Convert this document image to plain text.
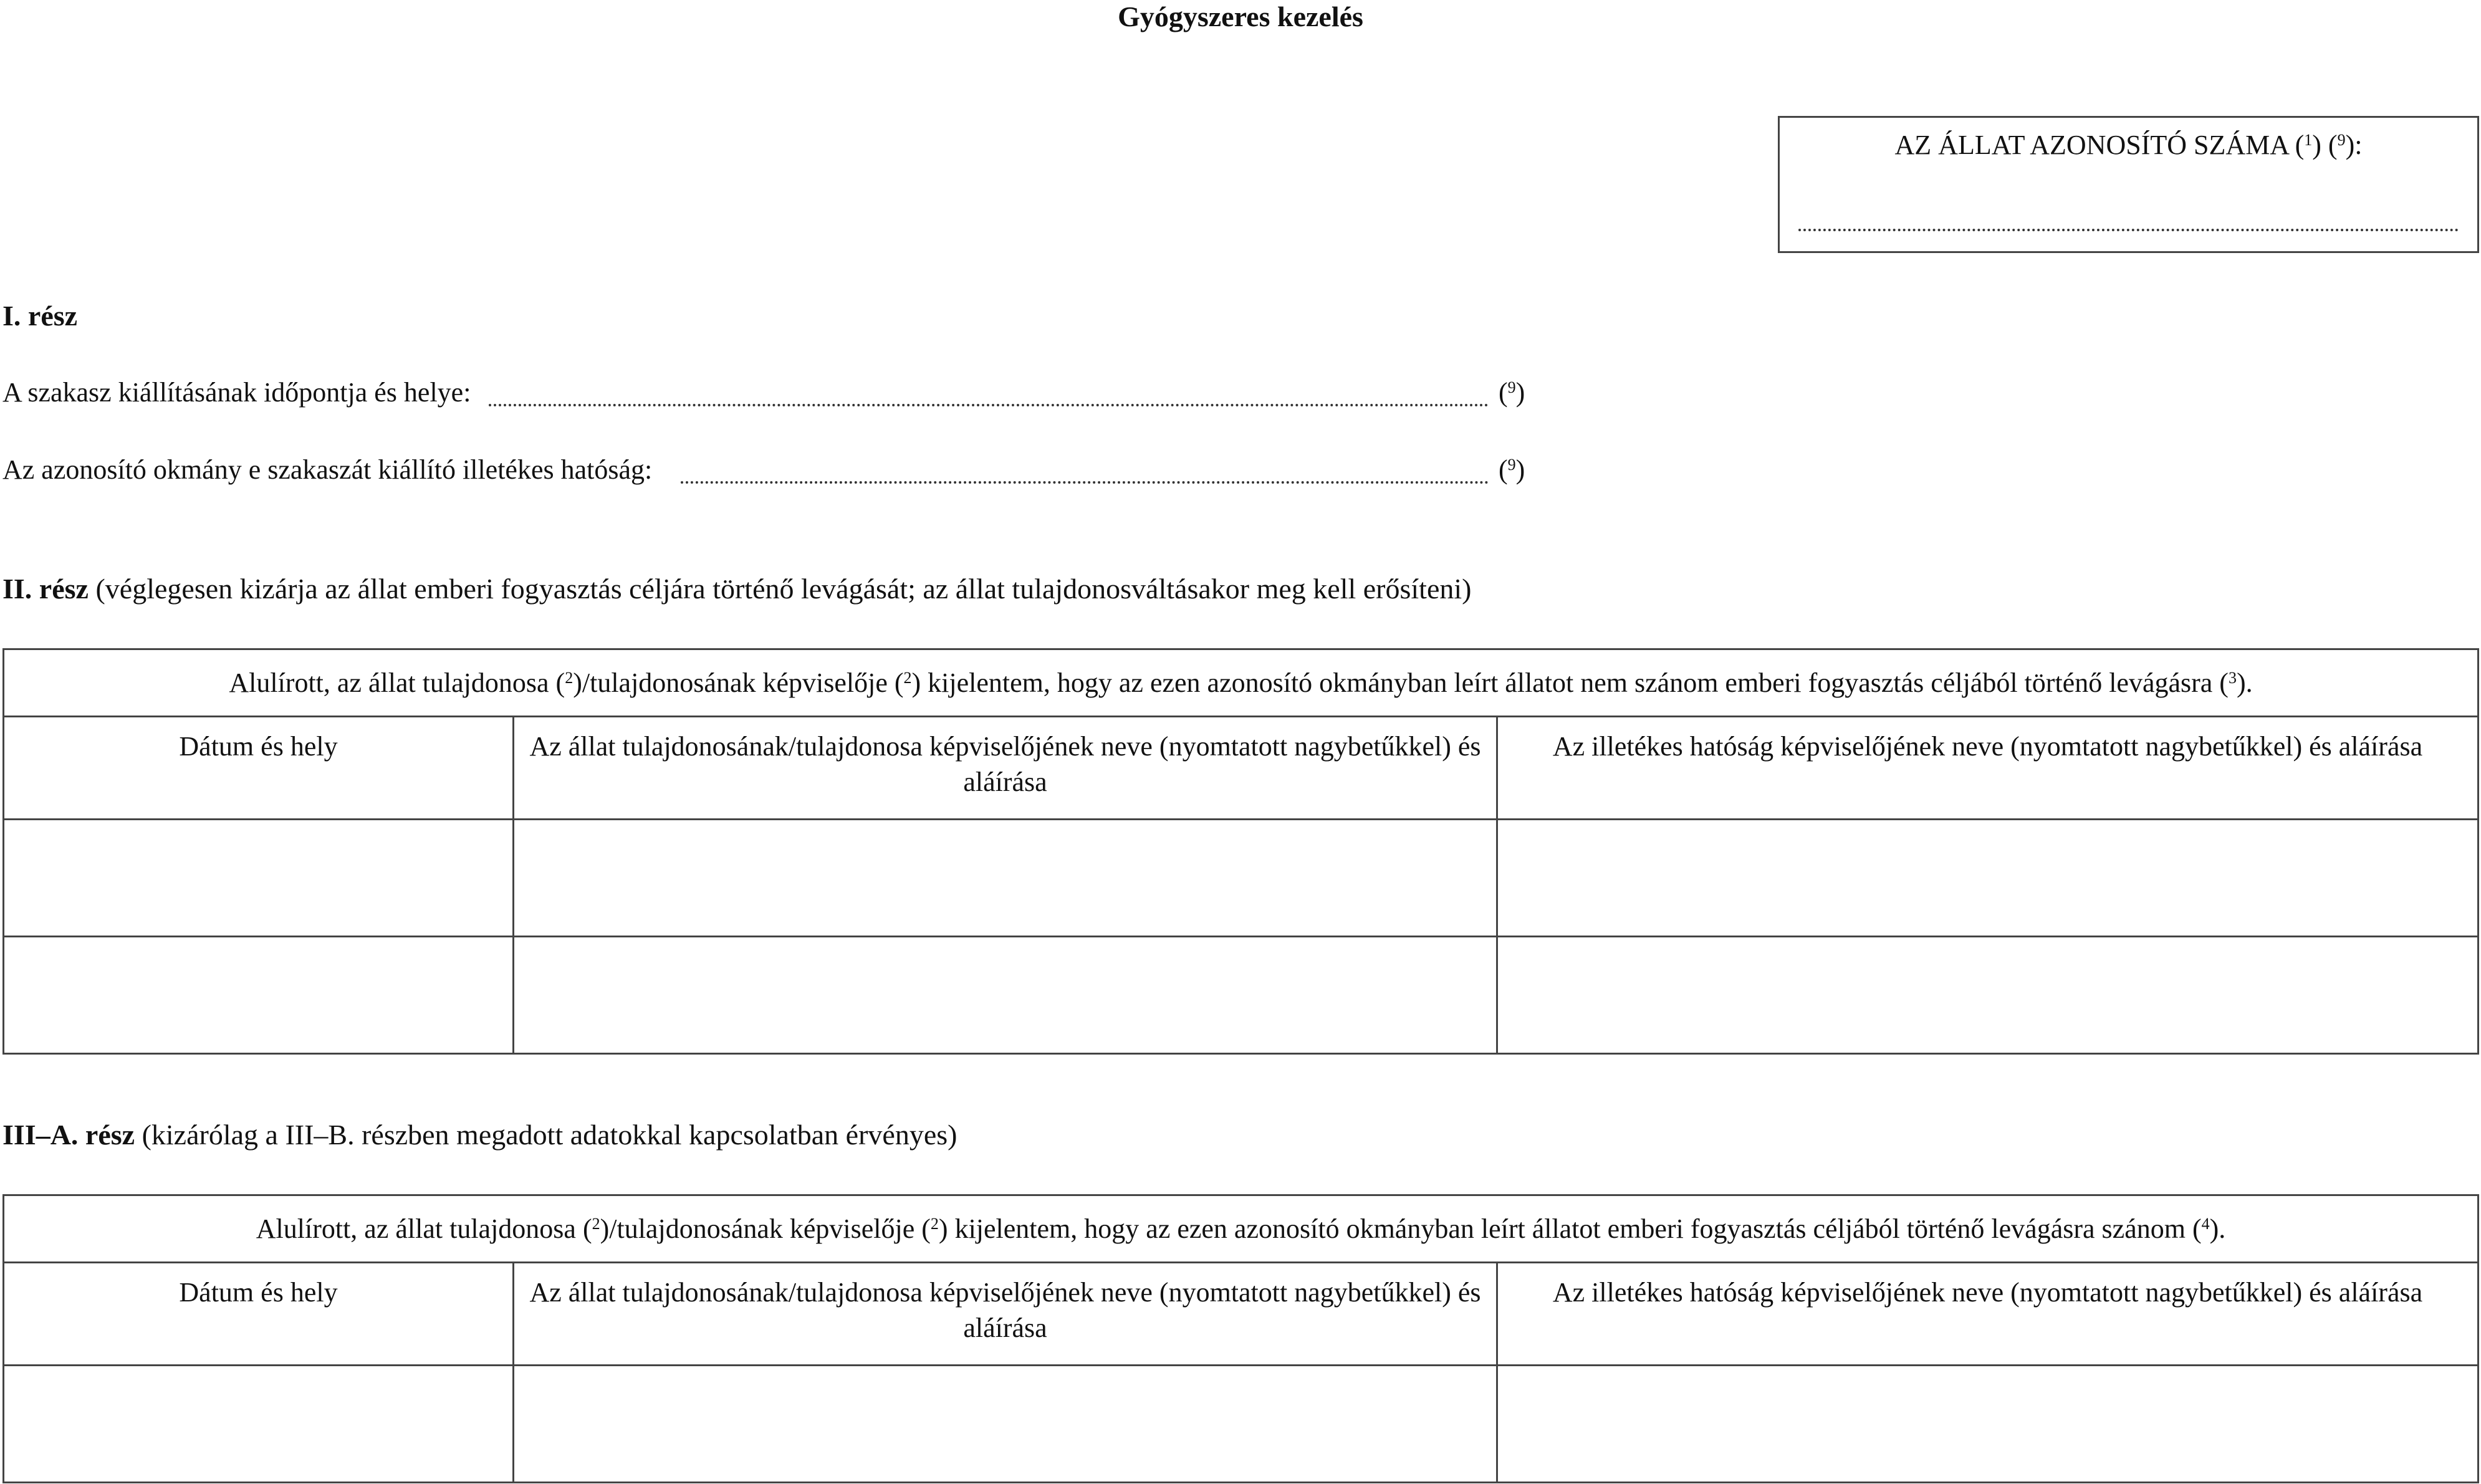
Gyógyszeres kezelés
AZ ÁLLAT AZONOSÍTÓ SZÁMA ($^1$) ($^9$):
I. rész
A szakasz kiállításának időpontja és helye:	($^9$)
Az azonosító okmány e szakaszát kiállító illetékes hatóság:	($^9$)
II. rész (véglegesen kizárja az állat emberi fogyasztás céljára történő levágását; az állat tulajdonosváltásakor meg kell erősíteni)
Alulírott, az állat tulajdonosa ($^2$)/tulajdonosának képviselője ($^2$) kijelentem, hogy az ezen azonosító okmányban leírt állatot nem szánom emberi fogyasztás céljából történő levágásra ($^3$).		
Dátum és hely	Az állat tulajdonosának/tulajdonosa képviselőjének neve (nyomtatott nagybetűkkel) és aláírása	Az illetékes hatóság képviselőjének neve (nyomtatott nagybetűkkel) és aláírása

III–A. rész (kizárólag a III–B. részben megadott adatokkal kapcsolatban érvényes)
Alulírott, az állat tulajdonosa ($^2$)/tulajdonosának képviselője ($^2$) kijelentem, hogy az ezen azonosító okmányban leírt állatot emberi fogyasztás céljából történő levágásra szánom ($^4$).		
Dátum és hely	Az állat tulajdonosának/tulajdonosa képviselőjének neve (nyomtatott nagybetűkkel) és aláírása	Az illetékes hatóság képviselőjének neve (nyomtatott nagybetűkkel) és aláírása
